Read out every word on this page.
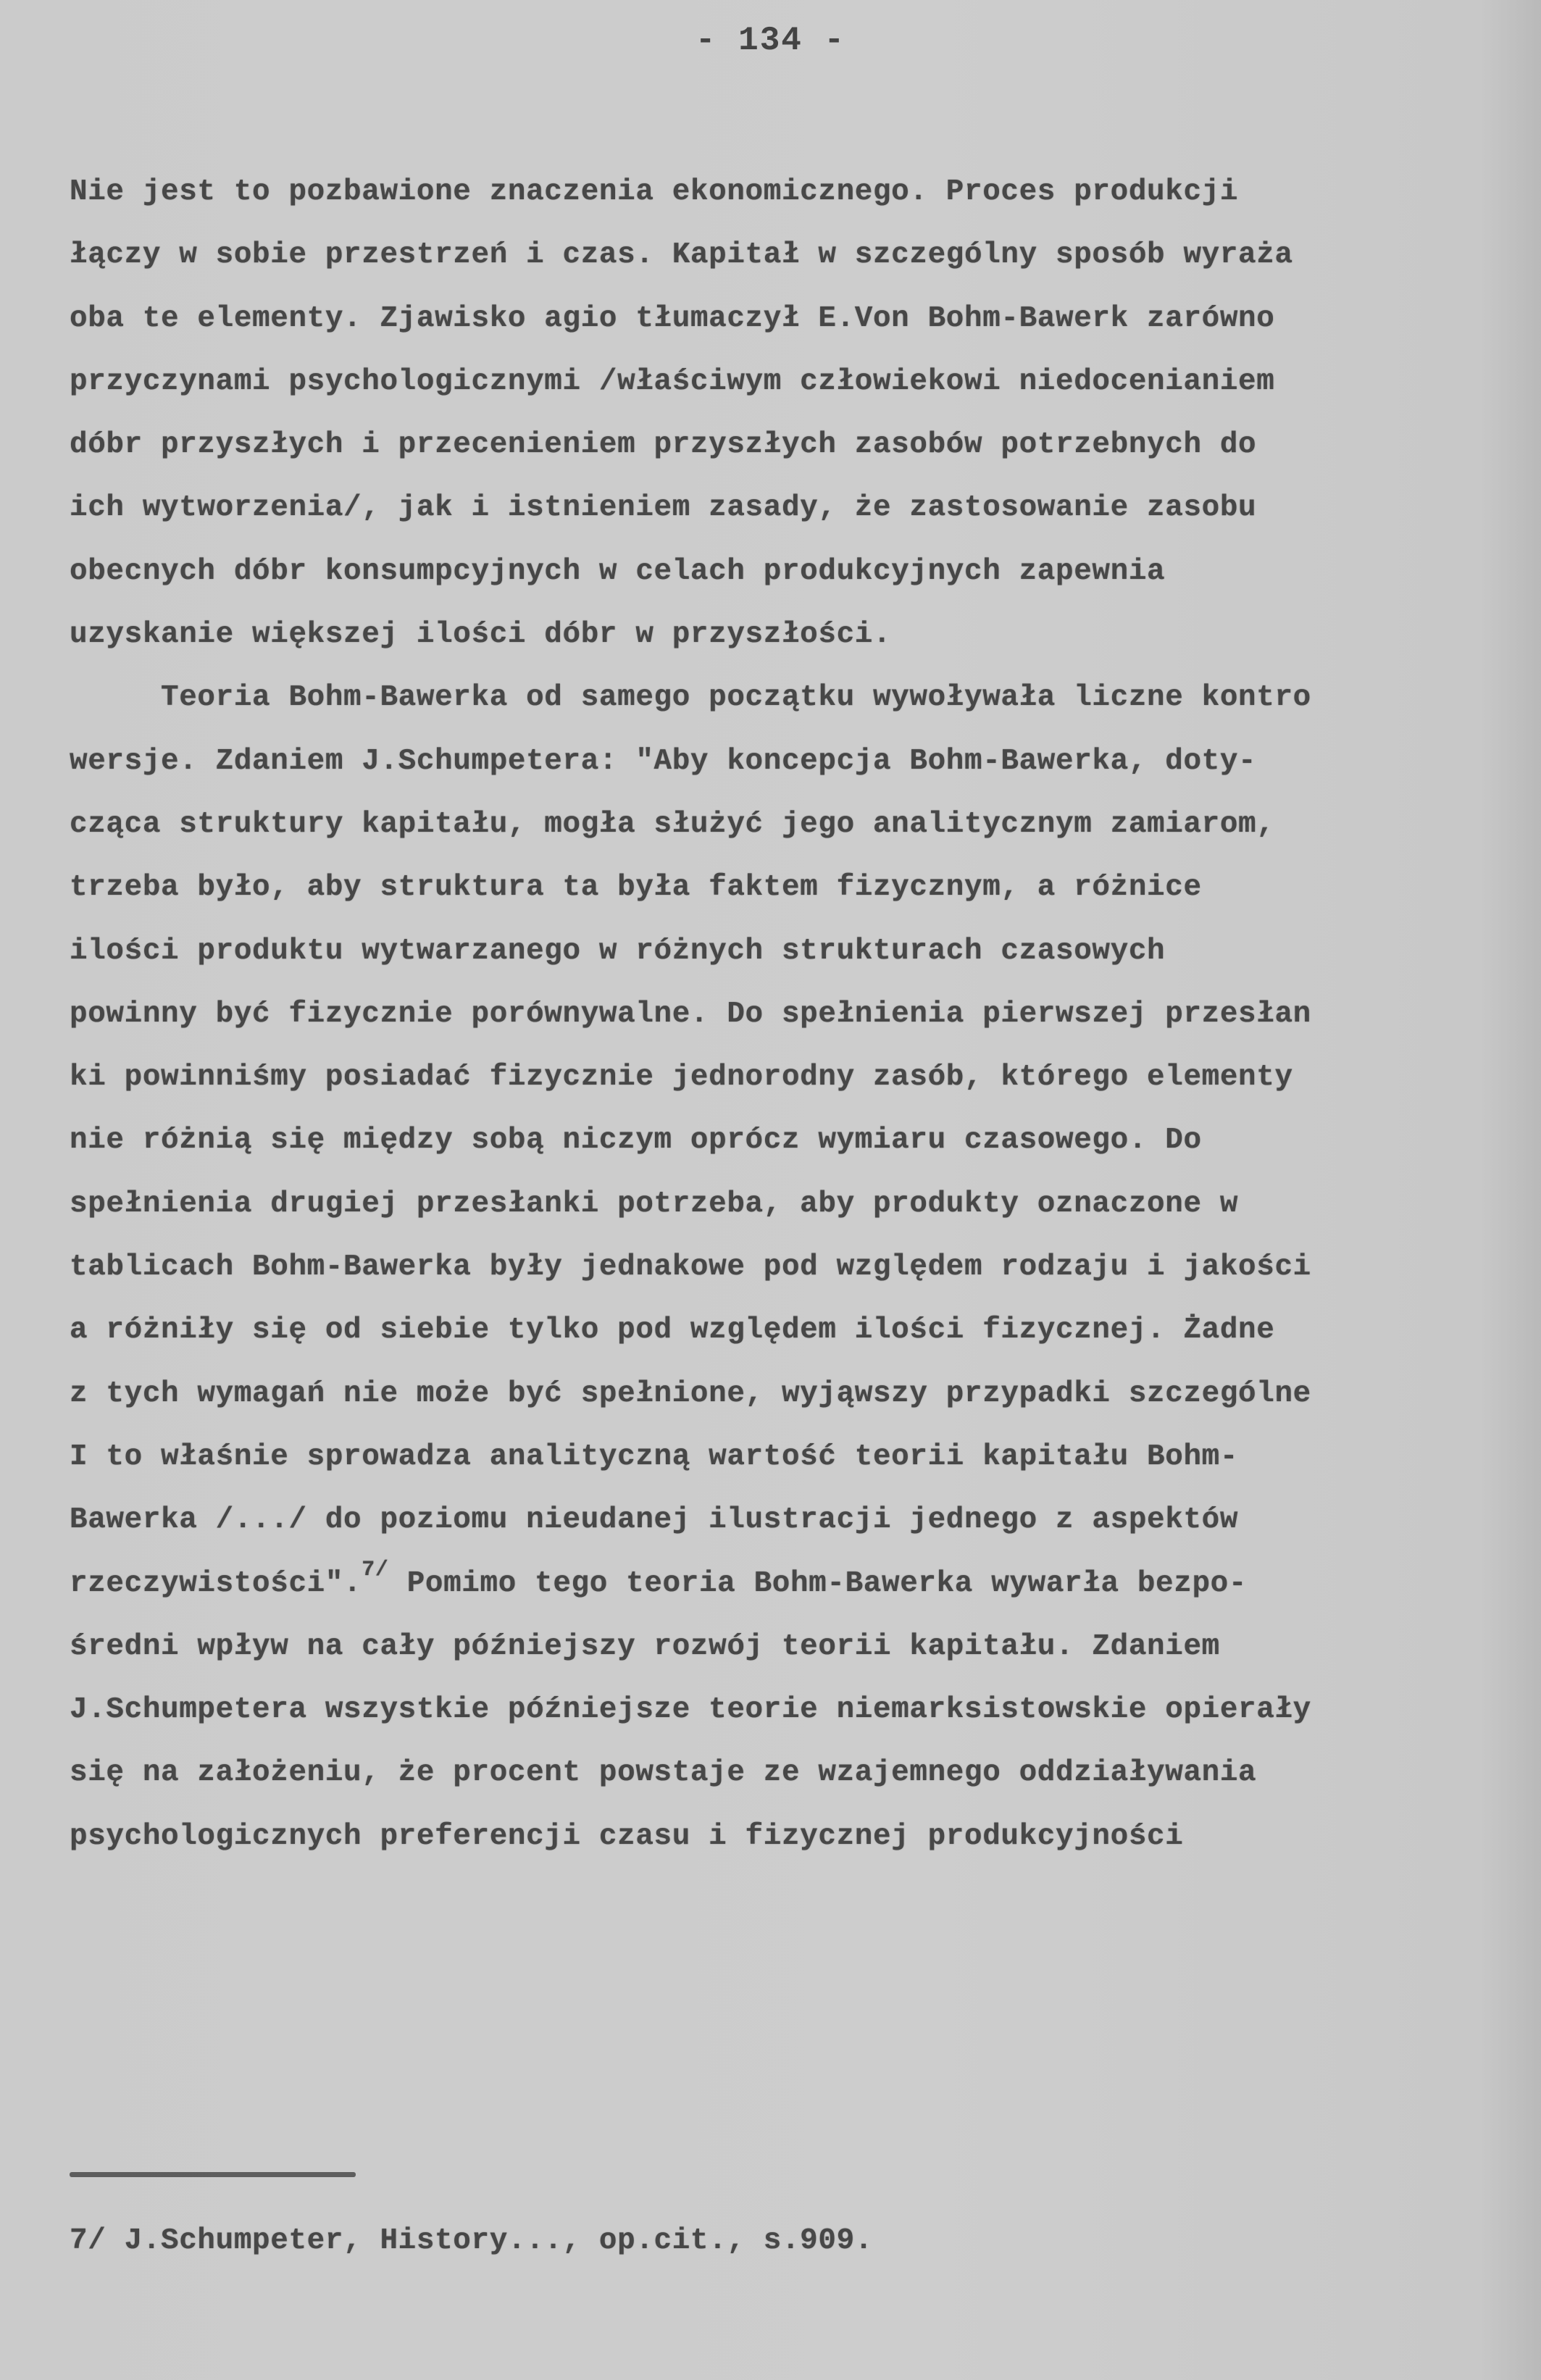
- 134 -
Nie jest to pozbawione znaczenia ekonomicznego. Proces produkcji
łączy w sobie przestrzeń i czas. Kapitał w szczególny sposób wyraża
oba te elementy. Zjawisko agio tłumaczył E.Von Bohm-Bawerk zarówno
przyczynami psychologicznymi /właściwym człowiekowi niedocenianiem
dóbr przyszłych i przecenieniem przyszłych zasobów potrzebnych do
ich wytworzenia/, jak i istnieniem zasady, że zastosowanie zasobu
obecnych dóbr konsumpcyjnych w celach produkcyjnych zapewnia
uzyskanie większej ilości dóbr w przyszłości.
Teoria Bohm-Bawerka od samego początku wywoływała liczne kontro
wersje. Zdaniem J.Schumpetera: "Aby koncepcja Bohm-Bawerka, doty-
cząca struktury kapitału, mogła służyć jego analitycznym zamiarom,
trzeba było, aby struktura ta była faktem fizycznym, a różnice
ilości produktu wytwarzanego w różnych strukturach czasowych
powinny być fizycznie porównywalne. Do spełnienia pierwszej przesłan
ki powinniśmy posiadać fizycznie jednorodny zasób, którego elementy
nie różnią się między sobą niczym oprócz wymiaru czasowego. Do
spełnienia drugiej przesłanki potrzeba, aby produkty oznaczone w
tablicach Bohm-Bawerka były jednakowe pod względem rodzaju i jakości
a różniły się od siebie tylko pod względem ilości fizycznej. Żadne
z tych wymagań nie może być spełnione, wyjąwszy przypadki szczególne
I to właśnie sprowadza analityczną wartość teorii kapitału Bohm-
Bawerka /.../ do poziomu nieudanej ilustracji jednego z aspektów
rzeczywistości".$^{7/}$ Pomimo tego teoria Bohm-Bawerka wywarła bezpo-
średni wpływ na cały późniejszy rozwój teorii kapitału. Zdaniem
J.Schumpetera wszystkie późniejsze teorie niemarksistowskie opierały
się na założeniu, że procent powstaje ze wzajemnego oddziaływania
psychologicznych preferencji czasu i fizycznej produkcyjności
7/ J.Schumpeter, History..., op.cit., s.909.
